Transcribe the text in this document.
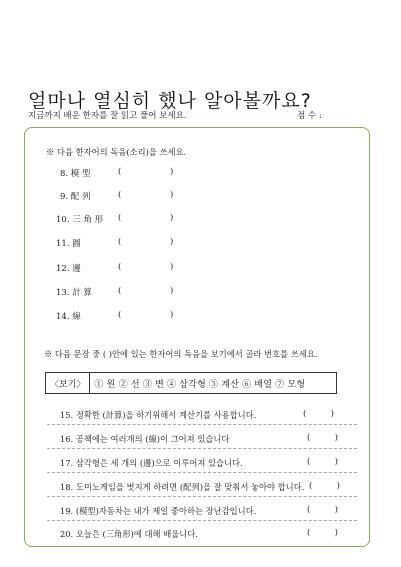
얼마나 열심히 했나 알아볼까요?
지금까지 배운 한자를 잘 읽고 풀어 보세요.	점 수 :
※ 다음 한자어의 독음(소리)을 쓰세요.
8. 模 型	(                  )
9. 配 列	(                  )
10. 三 角 形 (                  )
11. 圓	(                  )
12. 邊	(                  )
13. 計 算	(                  )
14. 線	(                  )
※ 다음 문장 중 ( )안에 있는 한자어의 독음을 보기에서 골라 번호를 쓰세요.
〈보기〉	① 원 ② 선 ③ 변 ④ 삼각형 ⑤ 계산 ⑥ 배열 ⑦ 모형
15. 정확한 (計算)을 하기위해서 계산기를 사용합니다.	(         )
16. 공책에는 여러개의 (線)이 그어져 있습니다	(         )
17. 삼각형은 세 개의 (邊)으로 이루어져 있습니다.	(         )
18. 도미노게임을 벗지게 하려면 (配列)을 잘 맞춰서 놓아야 합니다. (         )
19. (模型)자동차는 내가 제일 좋아하는 장난감입니다.	(         )
20. 오늘은 (三角形)에 대해 배웁니다.	(         )
